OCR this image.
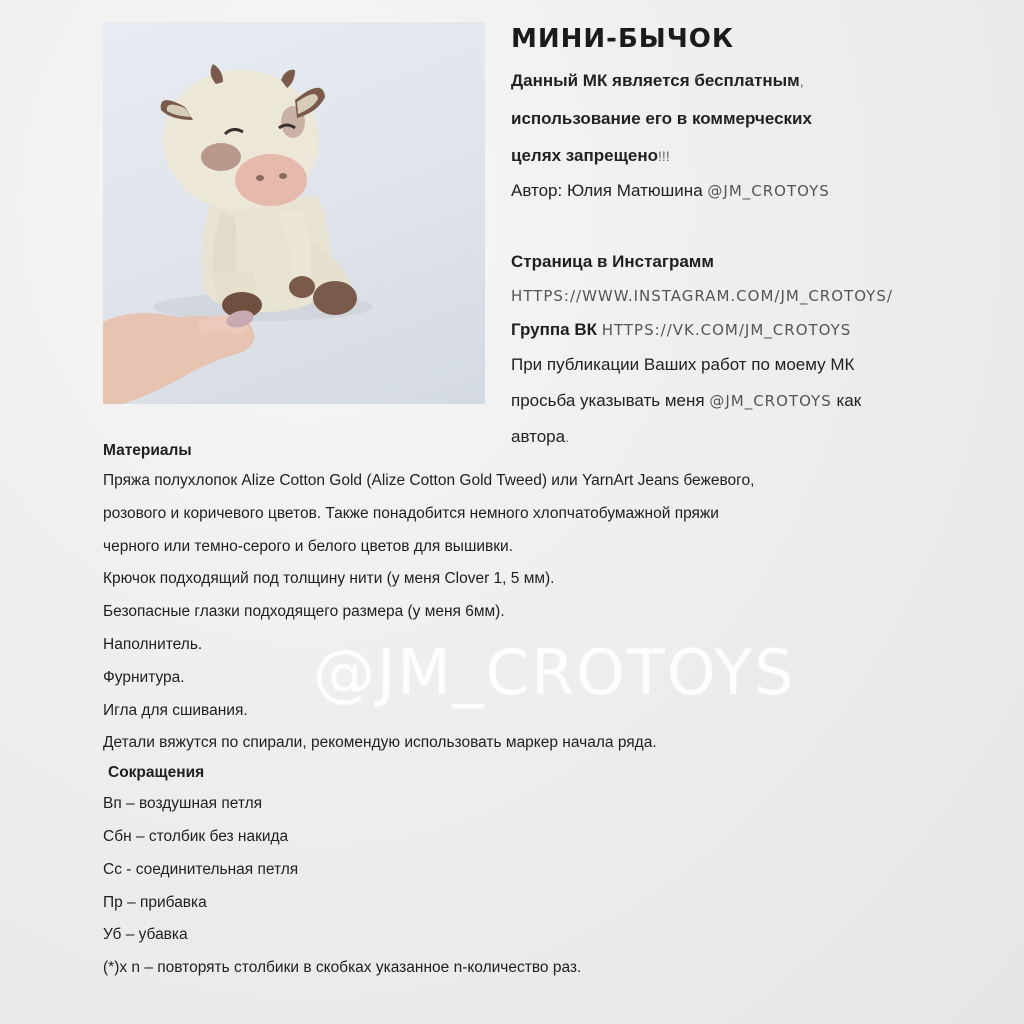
МИНИ-БЫЧОК
Данный МК является бесплатным,
использование его в коммерческих
целях запрещено!!!
Автор: Юлия Матюшина @JM_CROTOYS
Страница в Инстаграмм
HTTPS://WWW.INSTAGRAM.COM/JM_CROTOYS/
Группа ВК HTTPS://VK.COM/JM_CROTOYS
При публикации Ваших работ по моему МК
просьба указывать меня @JM_CROTOYS как
автора.
Материалы
Пряжа полухлопок Alize Cotton Gold (Alize Cotton Gold Tweed) или YarnArt Jeans бежевого,
розового и коричевого цветов. Также понадобится немного хлопчатобумажной пряжи
черного или темно-серого и белого цветов для вышивки.
Крючок подходящий под толщину нити (у меня Clover 1, 5 мм).
Безопасные глазки подходящего размера (у меня 6мм).
Наполнитель.
Фурнитура.
Игла для сшивания.
Детали вяжутся по спирали, рекомендую использовать маркер начала ряда.
Сокращения
Вп – воздушная петля
Сбн – столбик без накида
Сс - соединительная петля
Пр – прибавка
Уб – убавка
(*)x n – повторять столбики в скобках указанное n-количество раз.
@JM_CROTOYS
